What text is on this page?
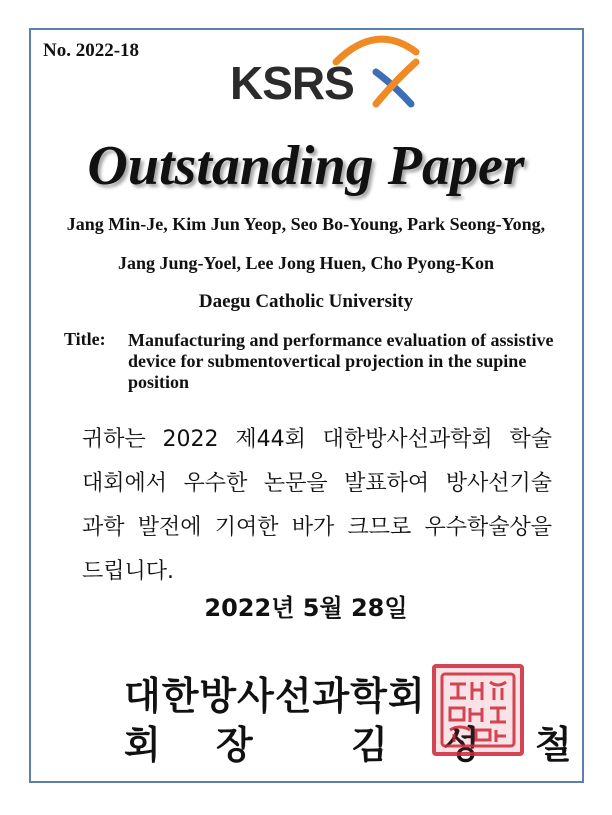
No. 2022-18
KSRS
Outstanding Paper
Jang Min-Je, Kim Jun Yeop, Seo Bo-Young, Park Seong-Yong,
Jang Jung-Yoel, Lee Jong Huen, Cho Pyong-Kon
Daegu Catholic University
Title: Manufacturing and performance evaluation of assistive device for submentovertical projection in the supine position
귀하는 2022 제44회 대한방사선과학회 학술
대회에서 우수한 논문을 발표하여 방사선기술
과학 발전에 기여한 바가 크므로 우수학술상을
드립니다.
2022년 5월 28일
대한방사선과학회
회 장  김 성 철
